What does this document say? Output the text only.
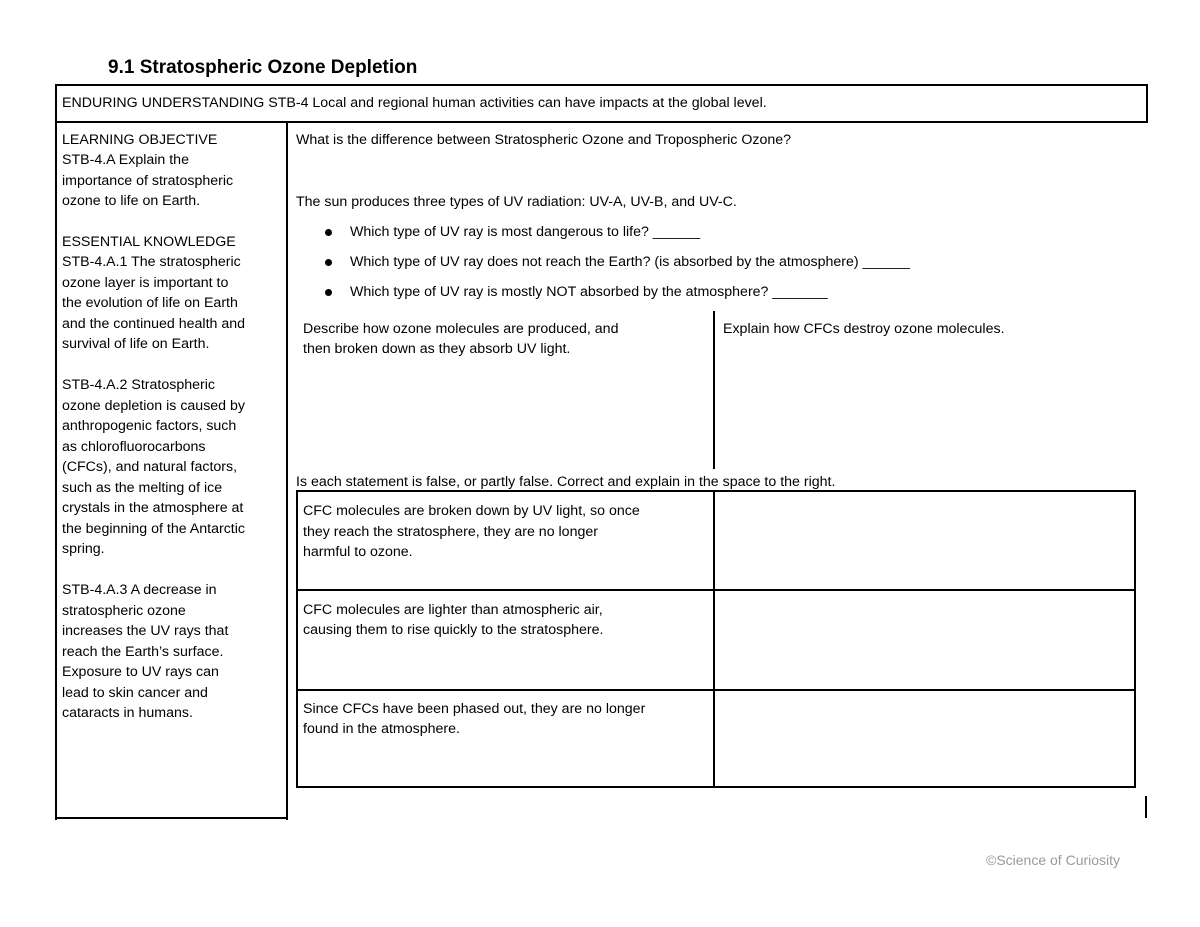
9.1 Stratospheric Ozone Depletion
ENDURING UNDERSTANDING STB-4 Local and regional human activities can have impacts at the global level.
LEARNING OBJECTIVE
STB-4.A Explain the
importance of stratospheric
ozone to life on Earth.
ESSENTIAL KNOWLEDGE
STB-4.A.1 The stratospheric
ozone layer is important to
the evolution of life on Earth
and the continued health and
survival of life on Earth.
STB-4.A.2 Stratospheric
ozone depletion is caused by
anthropogenic factors, such
as chlorofluorocarbons
(CFCs), and natural factors,
such as the melting of ice
crystals in the atmosphere at
the beginning of the Antarctic
spring.
STB-4.A.3 A decrease in
stratospheric ozone
increases the UV rays that
reach the Earth’s surface.
Exposure to UV rays can
lead to skin cancer and
cataracts in humans.
What is the difference between Stratospheric Ozone and Tropospheric Ozone?
The sun produces three types of UV radiation: UV-A, UV-B, and UV-C.
Which type of UV ray is most dangerous to life? ______
Which type of UV ray does not reach the Earth? (is absorbed by the atmosphere) ______
Which type of UV ray is mostly NOT absorbed by the atmosphere? _______
Describe how ozone molecules are produced, and
then broken down as they absorb UV light.
Explain how CFCs destroy ozone molecules.
Is each statement is false, or partly false. Correct and explain in the space to the right.
CFC molecules are broken down by UV light, so once
they reach the stratosphere, they are no longer
harmful to ozone.
CFC molecules are lighter than atmospheric air,
causing them to rise quickly to the stratosphere.
Since CFCs have been phased out, they are no longer
found in the atmosphere.
©Science of Curiosity
